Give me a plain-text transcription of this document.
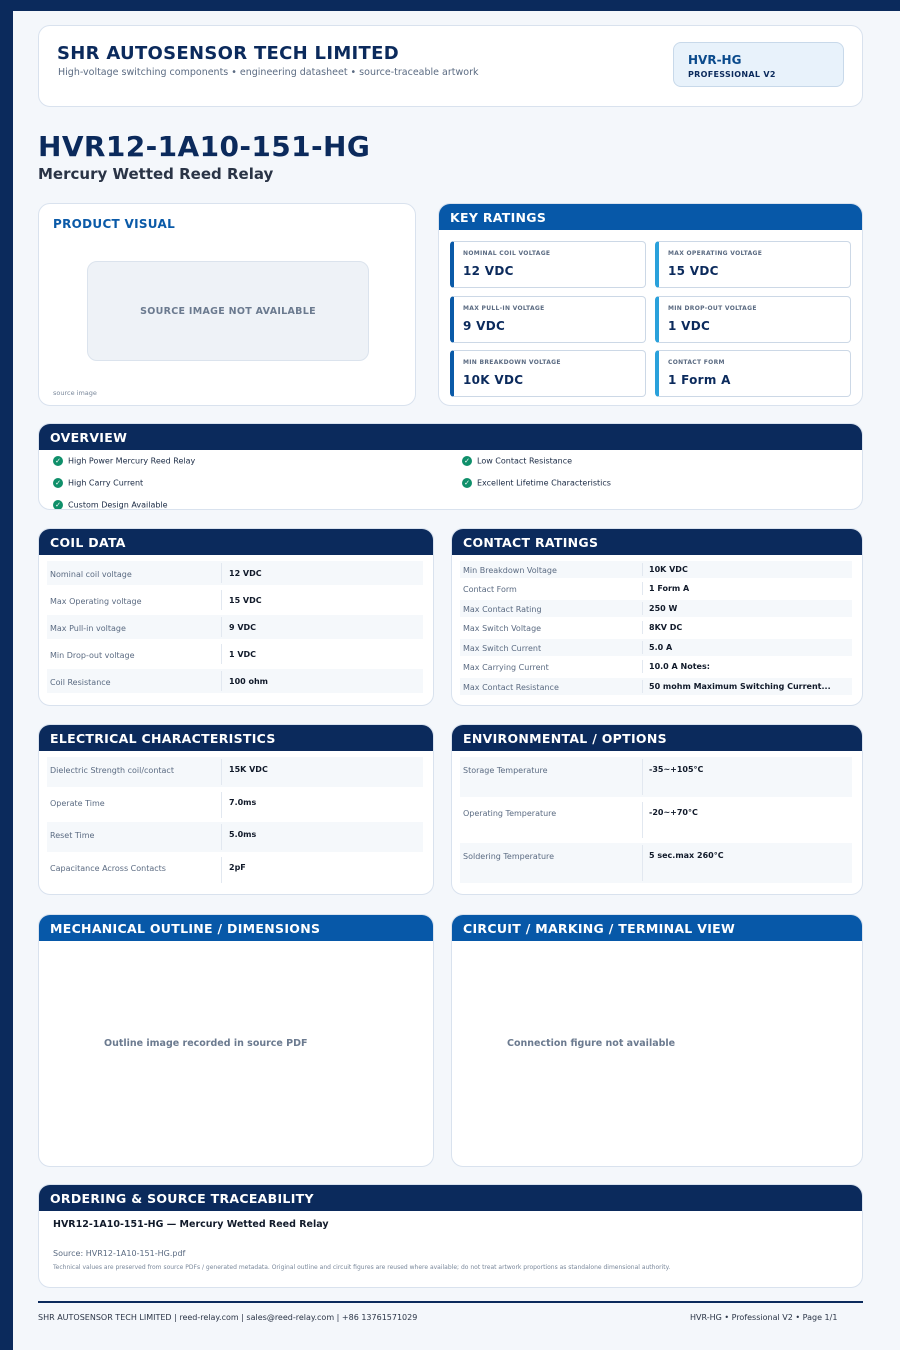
SHR AUTOSENSOR TECH LIMITED
High-voltage switching components • engineering datasheet • source-traceable artwork
HVR-HG
PROFESSIONAL V2
HVR12-1A10-151-HG
Mercury Wetted Reed Relay
PRODUCT VISUAL
SOURCE IMAGE NOT AVAILABLE
source image
KEY RATINGS
NOMINAL COIL VOLTAGE
12 VDC
MAX OPERATING VOLTAGE
15 VDC
MAX PULL-IN VOLTAGE
9 VDC
MIN DROP-OUT VOLTAGE
1 VDC
MIN BREAKDOWN VOLTAGE
10K VDC
CONTACT FORM
1 Form A
OVERVIEW
✓ High Power Mercury Reed Relay	✓ Low Contact Resistance
✓ High Carry Current	✓ Excellent Lifetime Characteristics
✓ Custom Design Available
COIL DATA
Nominal coil voltage	12 VDC
Max Operating voltage	15 VDC
Max Pull-in voltage	9 VDC
Min Drop-out voltage	1 VDC
Coil Resistance	100 ohm
CONTACT RATINGS
Min Breakdown Voltage	10K VDC
Contact Form	1 Form A
Max Contact Rating	250 W
Max Switch Voltage	8KV DC
Max Switch Current	5.0 A
Max Carrying Current	10.0 A Notes:
Max Contact Resistance	50 mohm Maximum Switching Current...
ELECTRICAL CHARACTERISTICS
Dielectric Strength coil/contact	15K VDC
Operate Time	7.0ms
Reset Time	5.0ms
Capacitance Across Contacts	2pF
ENVIRONMENTAL / OPTIONS
Storage Temperature	-35~+105°C
Operating Temperature	-20~+70°C
Soldering Temperature	5 sec.max 260°C
MECHANICAL OUTLINE / DIMENSIONS
Outline image recorded in source PDF
CIRCUIT / MARKING / TERMINAL VIEW
Connection figure not available
ORDERING & SOURCE TRACEABILITY
HVR12-1A10-151-HG — Mercury Wetted Reed Relay
Source: HVR12-1A10-151-HG.pdf
Technical values are preserved from source PDFs / generated metadata. Original outline and circuit figures are reused where available; do not treat artwork proportions as standalone dimensional authority.
SHR AUTOSENSOR TECH LIMITED | reed-relay.com | sales@reed-relay.com | +86 13761571029	HVR-HG • Professional V2 • Page 1/1
